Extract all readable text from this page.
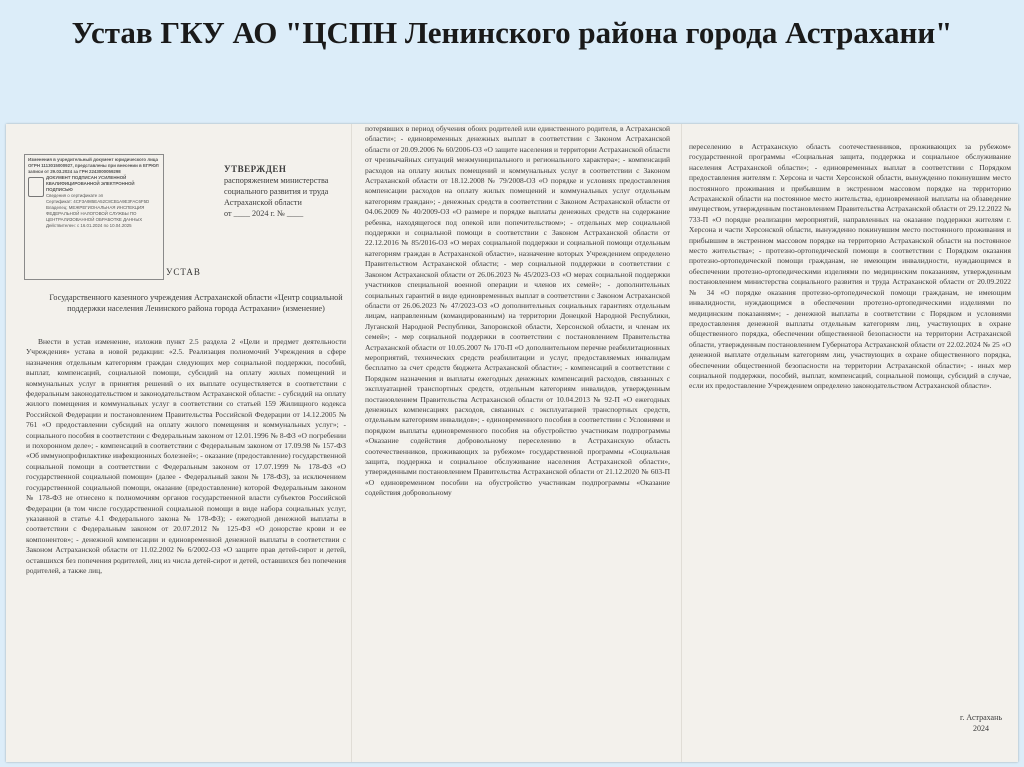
Устав ГКУ АО "ЦСПН Ленинского района города Астрахани"
Изменения в учредительный документ юридического лица ОГРН 1113015000927, представлены при внесении в ЕГРЮЛ записи от 29.03.2024 за ГРН 2243000059298
ДОКУМЕНТ ПОДПИСАН УСИЛЕННОЙ КВАЛИФИЦИРОВАННОЙ ЭЛЕКТРОННОЙ ПОДПИСЬЮ
Сведения о сертификате эп
Сертификат: 4CF3A985EA52C8CB1A9E3FAC6F5D
Владелец: МЕЖРЕГИОНАЛЬНАЯ ИНСПЕКЦИЯ
ФЕДЕРАЛЬНОЙ НАЛОГОВОЙ СЛУЖБЫ ПО
ЦЕНТРАЛИЗОВАННОЙ ОБРАБОТКЕ ДАННЫХ
Действителен: с 16.01.2024 по 10.04.2025
УТВЕРЖДЕН
распоряжением министерства
социального развития и труда
Астраханской области
от ____ 2024 г. № ____
УСТАВ
Государственного казенного учреждения Астраханской области «Центр социальной поддержки населения Ленинского района города Астрахани» (изменение)
Внести в устав изменение, изложив пункт 2.5 раздела 2 «Цели и предмет деятельности Учреждения» устава в новой редакции: «2.5. Реализация полномочий Учреждения в сфере назначения отдельным категориям граждан следующих мер социальной поддержки, пособий, выплат, компенсаций, социальной помощи, субсидий на оплату жилых помещений и коммунальных услуг в принятия решений о их выплате осуществляется в соответствии с федеральным законодательством и законодательством Астраханской области: - субсидий на оплату жилого помещения и коммунальных услуг в соответствии со статьей 159 Жилищного кодекса Российской Федерации и постановлением Правительства Российской Федерации от 14.12.2005 № 761 «О предоставлении субсидий на оплату жилого помещения и коммунальных услуг»; - социального пособия в соответствии с Федеральным законом от 12.01.1996 № 8-ФЗ «О погребении и похоронном деле»; - компенсаций в соответствии с Федеральным законом от 17.09.98 № 157-ФЗ «Об иммунопрофилактике инфекционных болезней»; - оказание (предоставление) государственной социальной помощи в соответствии с Федеральным законом от 17.07.1999 № 178-ФЗ «О государственной социальной помощи» (далее - Федеральный закон № 178-ФЗ), за исключением государственной социальной помощи, оказание (предоставление) которой Федеральным законом № 178-ФЗ не отнесено к полномочиям органов государственной власти субъектов Российской Федерации (в том числе государственной социальной помощи в виде набора социальных услуг, указанной в статье 4.1 Федерального закона № 178-ФЗ); - ежегодной денежной выплаты в соответствии с Федеральным законом от 20.07.2012 № 125-ФЗ «О донорстве крови и ее компонентов»; - денежной компенсации и единовременной денежной выплаты в соответствии с Законом Астраханской области от 11.02.2002 № 6/2002-ОЗ «О защите прав детей-сирот и детей, оставшихся без попечения родителей, лиц из числа детей-сирот и детей, оставшихся без попечения родителей, а также лиц,
потерявших в период обучения обоих родителей или единственного родителя, в Астраханской области»; - единовременных денежных выплат в соответствии с Законом Астраханской области от 20.09.2006 № 60/2006-ОЗ «О защите населения и территории Астраханской области от чрезвычайных ситуаций межмуниципального и регионального характера»; - компенсаций расходов на оплату жилых помещений и коммунальных услуг в соответствии с Законом Астраханской области от 18.12.2008 № 79/2008-ОЗ «О порядке и условиях предоставления компенсации расходов на оплату жилых помещений и коммунальных услуг отдельным категориям граждан»; - денежных средств в соответствии с Законом Астраханской области от 04.06.2009 № 40/2009-ОЗ «О размере и порядке выплаты денежных средств на содержание ребенка, находящегося под опекой или попечительством»; - отдельных мер социальной поддержки и социальной помощи в соответствии с Законом Астраханской области от 22.12.2016 № 85/2016-ОЗ «О мерах социальной поддержки и социальной помощи отдельным категориям граждан в Астраханской области», назначение которых Учреждением определено Правительством Астраханской области; - мер социальной поддержки в соответствии с Законом Астраханской области от 26.06.2023 № 45/2023-ОЗ «О мерах социальной поддержки участников специальной военной операции и членов их семей»; - дополнительных социальных гарантий в виде единовременных выплат в соответствии с Законом Астраханской области от 26.06.2023 № 47/2023-ОЗ «О дополнительных социальных гарантиях отдельным лицам, направленным (командированным) на территории Донецкой Народной Республики, Луганской Народной Республики, Запорожской области, Херсонской области, и членам их семей»; - мер социальной поддержки в соответствии с постановлением Правительства Астраханской области от 10.05.2007 № 170-П «О дополнительном перечне реабилитационных мероприятий, технических средств реабилитации и услуг, предоставляемых инвалидам бесплатно за счет средств бюджета Астраханской области»; - компенсаций в соответствии с Порядком назначения и выплаты ежегодных денежных компенсаций расходов, связанных с эксплуатацией транспортных средств, отдельным категориям инвалидов, утвержденным постановлением Правительства Астраханской области от 10.04.2013 № 92-П «О ежегодных денежных компенсациях расходов, связанных с эксплуатацией транспортных средств, отдельным категориям инвалидов»; - единовременного пособия в соответствии с Условиями и порядком выплаты единовременного пособия на обустройство участникам подпрограммы «Оказание содействия добровольному переселению в Астраханскую область соотечественников, проживающих за рубежом» государственной программы «Социальная защита, поддержка и социальное обслуживание населения Астраханской области», утвержденными постановлением Правительства Астраханской области от 21.12.2020 № 603-П «О единовременном пособии на обустройство участникам подпрограммы «Оказание содействия добровольному
переселению в Астраханскую область соотечественников, проживающих за рубежом» государственной программы «Социальная защита, поддержка и социальное обслуживание населения Астраханской области»; - единовременных выплат в соответствии с Порядком предоставления жителям г. Херсона и части Херсонской области, вынужденно покинувшим место постоянного проживания и прибывшим в экстренном массовом порядке на территорию Астраханской области на постоянное место жительства, единовременной выплаты на обзаведение имуществом, утвержденным постановлением Правительства Астраханской области от 29.12.2022 № 733-П «О порядке реализации мероприятий, направленных на оказание поддержки жителям г. Херсона и части Херсонской области, вынужденно покинувшим место постоянного проживания и прибывшим в экстренном массовом порядке на территорию Астраханской области на постоянное место жительства»; - протезно-ортопедической помощи в соответствии с Порядком оказания протезно-ортопедической помощи гражданам, не имеющим инвалидности, нуждающимся в обеспечении протезно-ортопедическими изделиями по медицинским показаниям, утвержденным постановлением министерства социального развития и труда Астраханской области от 20.09.2022 № 34 «О порядке оказания протезно-ортопедической помощи гражданам, не имеющим инвалидности, нуждающимся в обеспечении протезно-ортопедическими изделиями по медицинским показаниям»; - денежной выплаты в соответствии с Порядком и условиями предоставления денежной выплаты отдельным категориям лиц, участвующих в охране общественного порядка, обеспечении общественной безопасности на территории Астраханской области, утвержденным постановлением Губернатора Астраханской области от 22.02.2024 № 25 «О денежной выплате отдельным категориям лиц, участвующих в охране общественного порядка, обеспечении общественной безопасности на территории Астраханской области»; - иных мер социальной поддержки, пособий, выплат, компенсаций, социальной помощи, субсидий в случае, если их предоставление Учреждением определено законодательством Астраханской области».
г. Астрахань
2024
